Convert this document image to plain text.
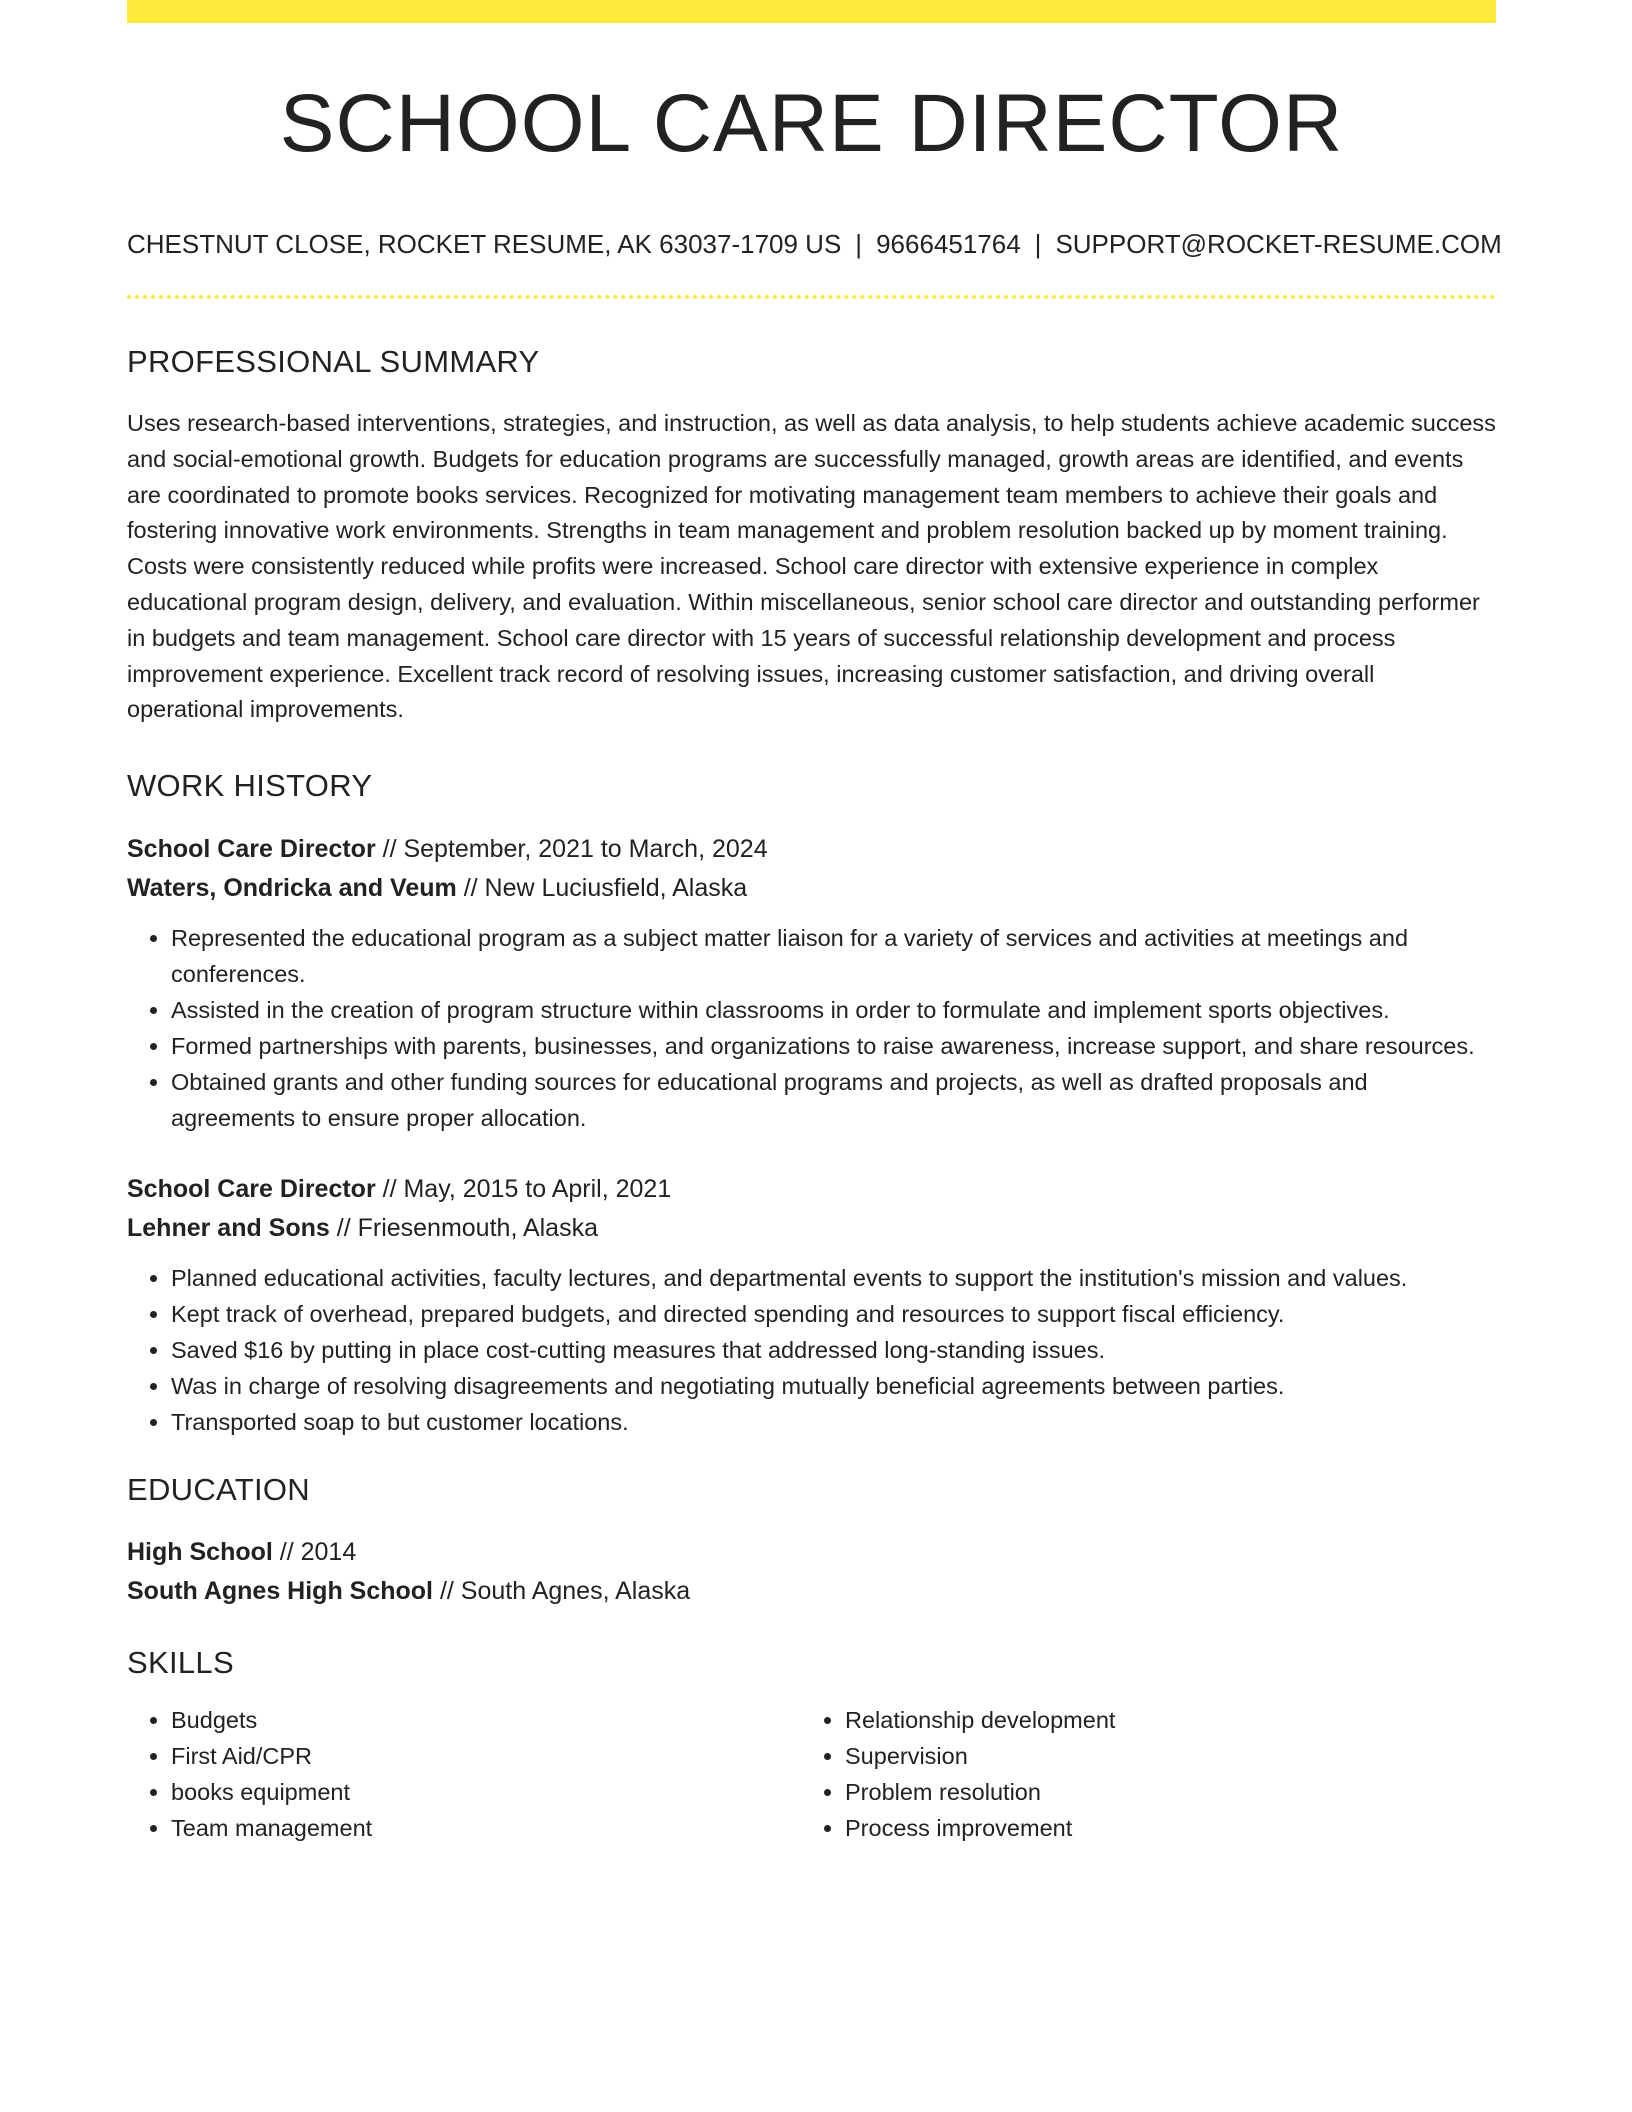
SCHOOL CARE DIRECTOR
CHESTNUT CLOSE, ROCKET RESUME, AK 63037-1709 US | 9666451764 | SUPPORT@ROCKET-RESUME.COM
PROFESSIONAL SUMMARY
Uses research-based interventions, strategies, and instruction, as well as data analysis, to help students achieve academic success and social-emotional growth. Budgets for education programs are successfully managed, growth areas are identified, and events are coordinated to promote books services. Recognized for motivating management team members to achieve their goals and fostering innovative work environments. Strengths in team management and problem resolution backed up by moment training. Costs were consistently reduced while profits were increased. School care director with extensive experience in complex educational program design, delivery, and evaluation. Within miscellaneous, senior school care director and outstanding performer in budgets and team management. School care director with 15 years of successful relationship development and process improvement experience. Excellent track record of resolving issues, increasing customer satisfaction, and driving overall operational improvements.
WORK HISTORY
School Care Director // September, 2021 to March, 2024
Waters, Ondricka and Veum // New Luciusfield, Alaska
• Represented the educational program as a subject matter liaison for a variety of services and activities at meetings and conferences.
• Assisted in the creation of program structure within classrooms in order to formulate and implement sports objectives.
• Formed partnerships with parents, businesses, and organizations to raise awareness, increase support, and share resources.
• Obtained grants and other funding sources for educational programs and projects, as well as drafted proposals and agreements to ensure proper allocation.
School Care Director // May, 2015 to April, 2021
Lehner and Sons // Friesenmouth, Alaska
• Planned educational activities, faculty lectures, and departmental events to support the institution's mission and values.
• Kept track of overhead, prepared budgets, and directed spending and resources to support fiscal efficiency.
• Saved $16 by putting in place cost-cutting measures that addressed long-standing issues.
• Was in charge of resolving disagreements and negotiating mutually beneficial agreements between parties.
• Transported soap to but customer locations.
EDUCATION
High School // 2014
South Agnes High School // South Agnes, Alaska
SKILLS
• Budgets
• First Aid/CPR
• books equipment
• Team management
• Relationship development
• Supervision
• Problem resolution
• Process improvement
